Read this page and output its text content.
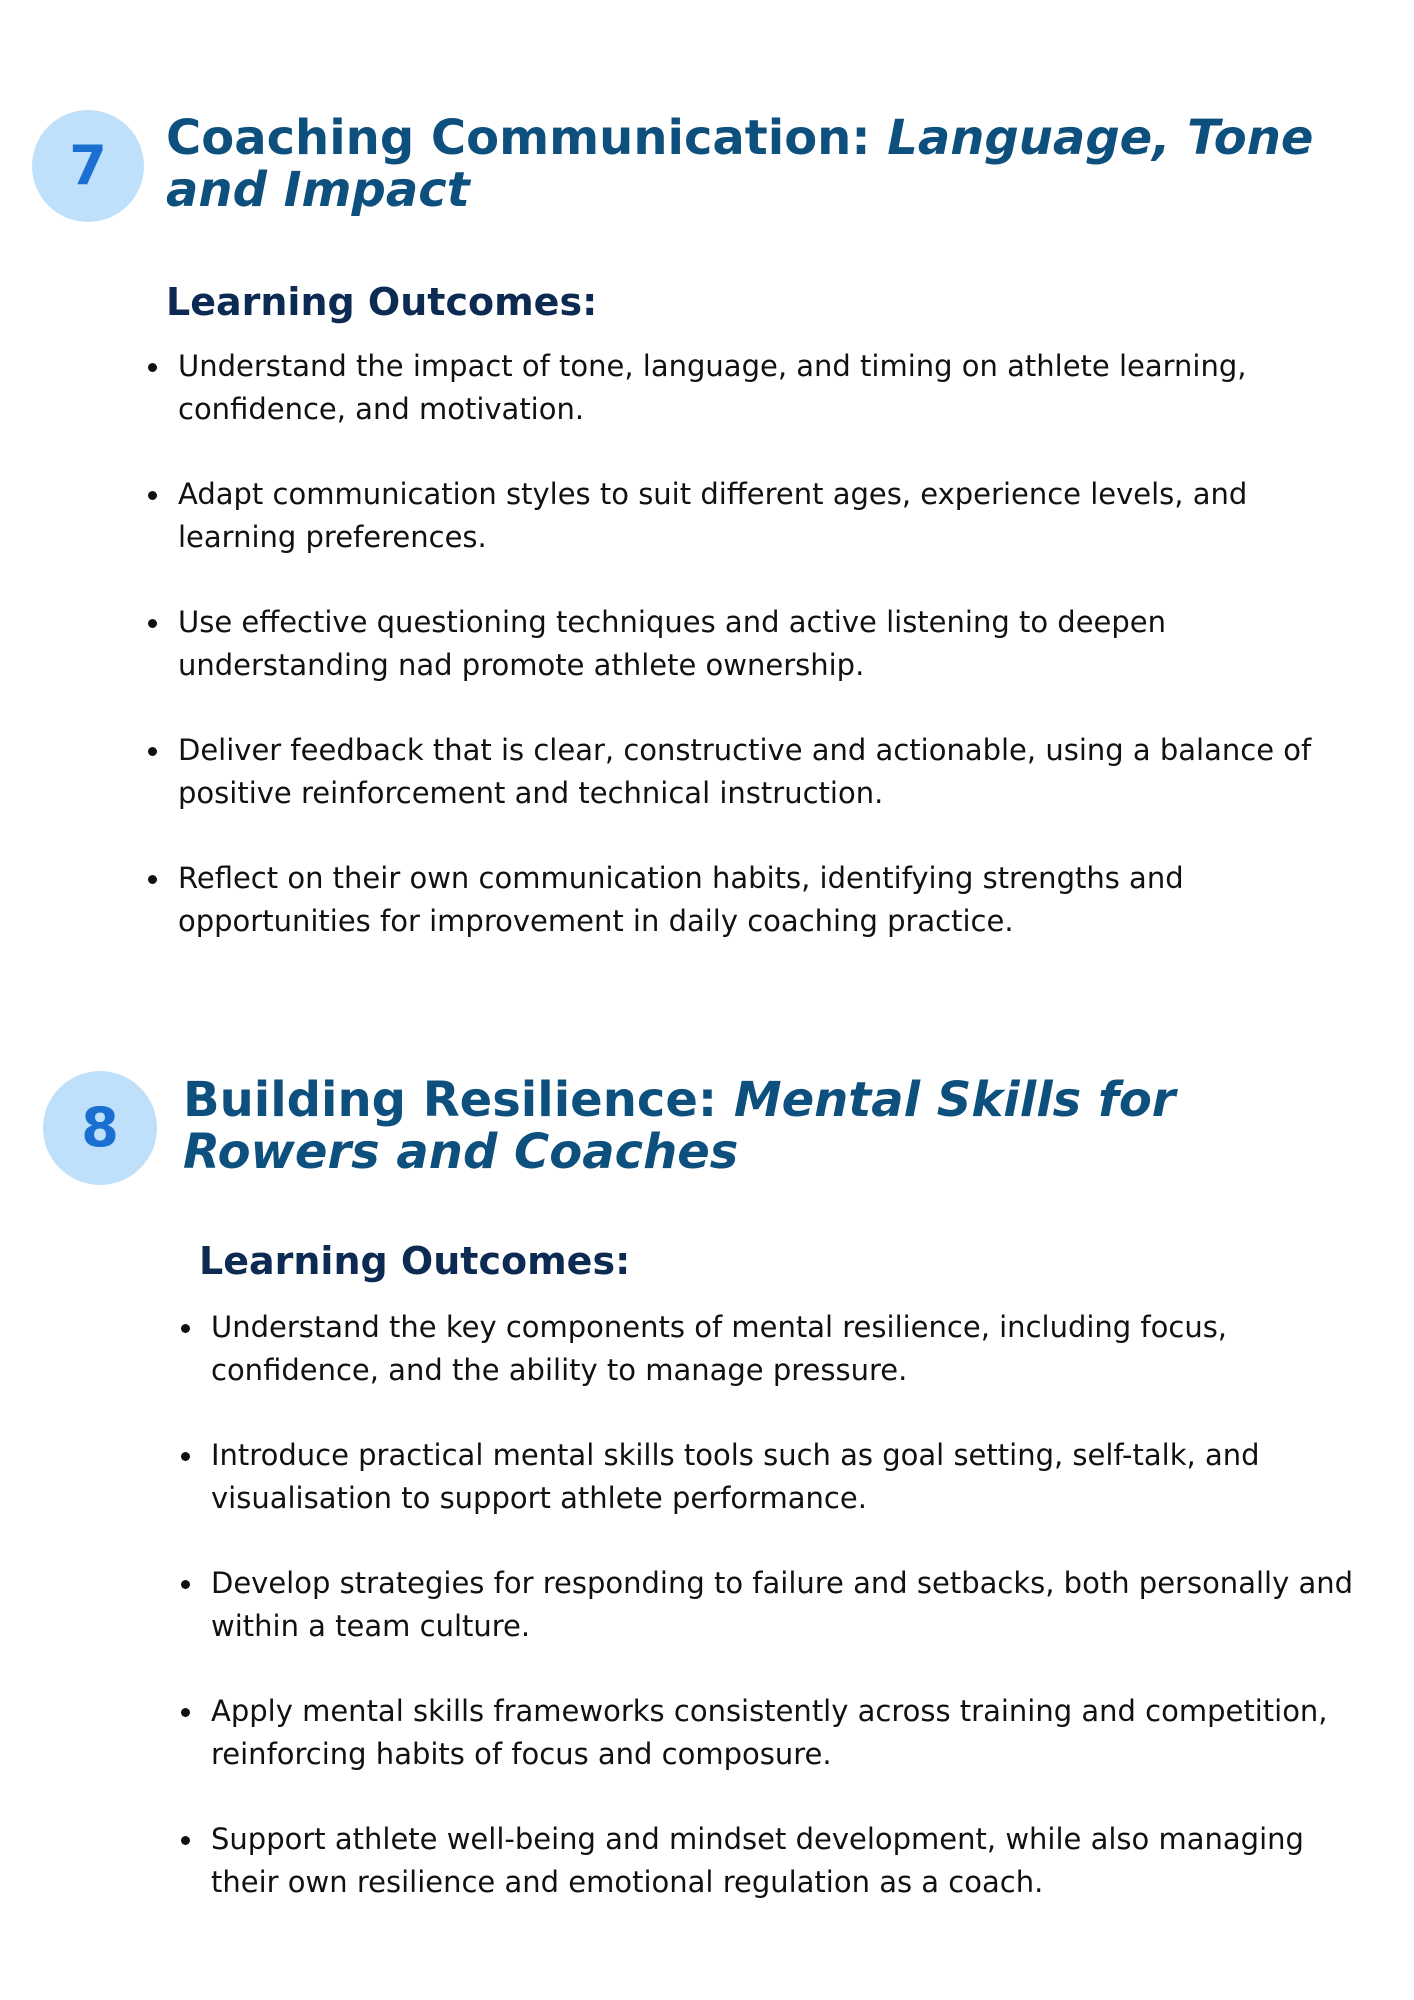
7	Coaching Communication: Language, Tone and Impact
Learning Outcomes:
Understand the impact of tone, language, and timing on athlete learning, confidence, and motivation.
Adapt communication styles to suit different ages, experience levels, and learning preferences.
Use effective questioning techniques and active listening to deepen understanding nad promote athlete ownership.
Deliver feedback that is clear, constructive and actionable, using a balance of positive reinforcement and technical instruction.
Reflect on their own communication habits, identifying strengths and opportunities for improvement in daily coaching practice.
8	Building Resilience: Mental Skills for Rowers and Coaches
Learning Outcomes:
Understand the key components of mental resilience, including focus, confidence, and the ability to manage pressure.
Introduce practical mental skills tools such as goal setting, self-talk, and visualisation to support athlete performance.
Develop strategies for responding to failure and setbacks, both personally and within a team culture.
Apply mental skills frameworks consistently across training and competition, reinforcing habits of focus and composure.
Support athlete well-being and mindset development, while also managing their own resilience and emotional regulation as a coach.
